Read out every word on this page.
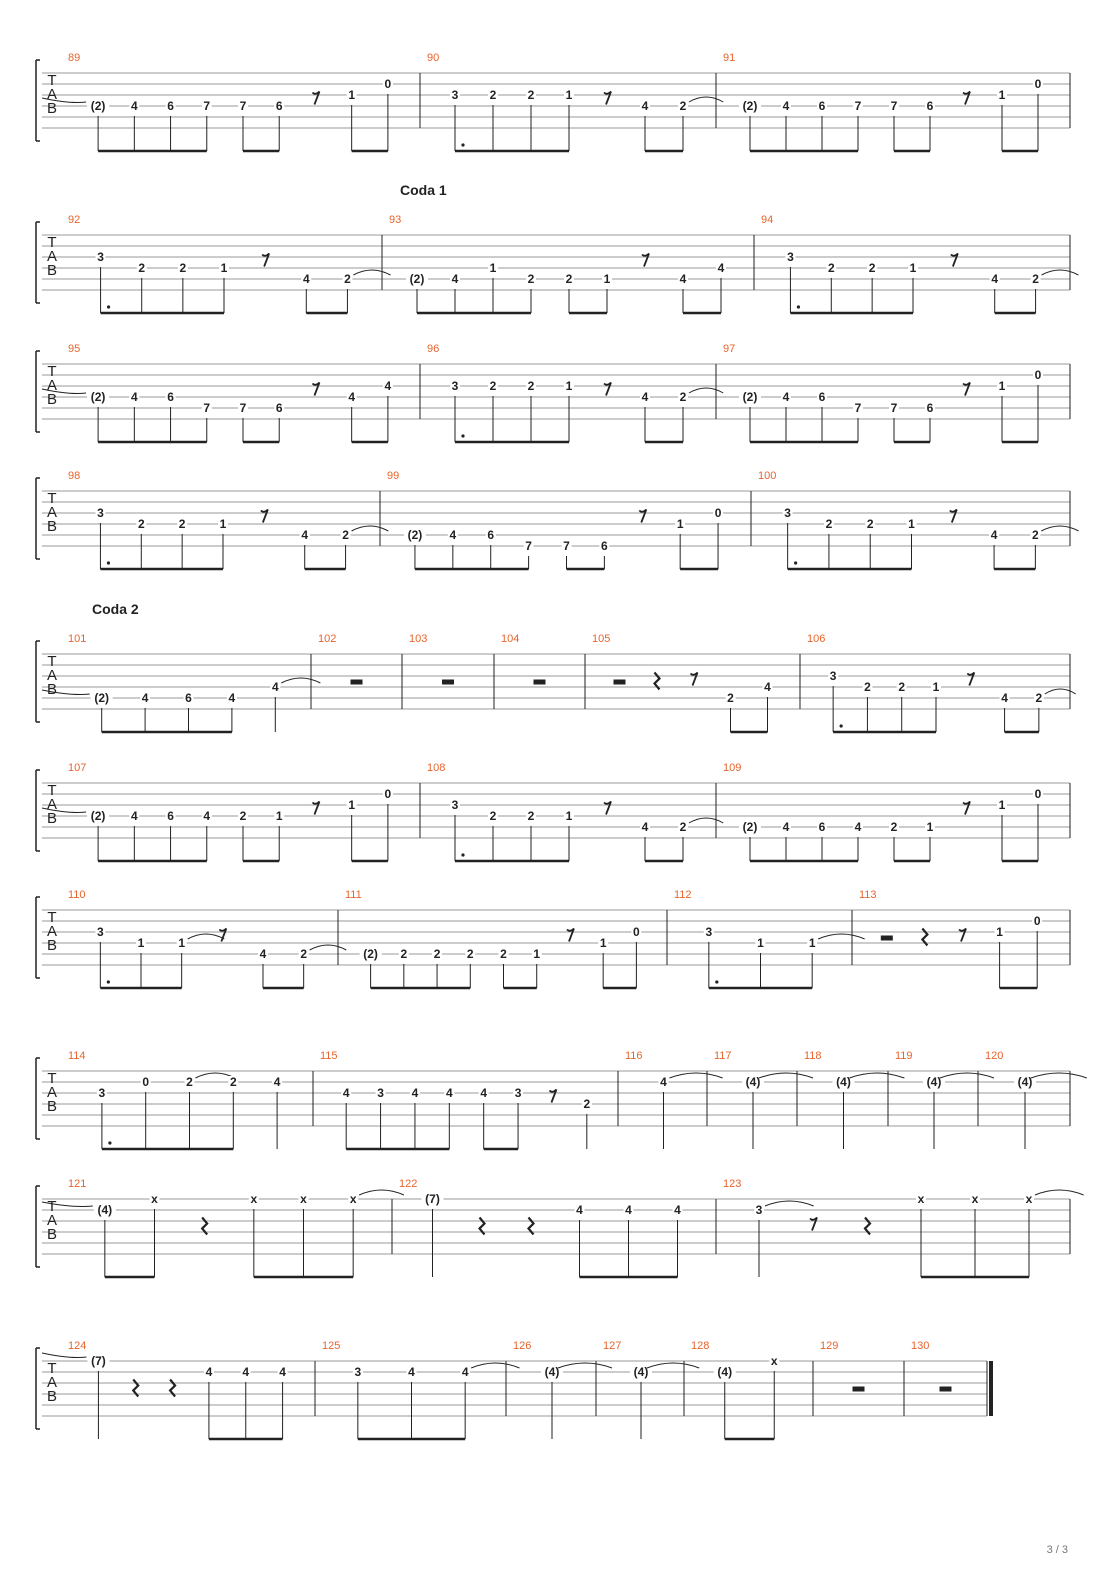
T
A
B
89
(2) 4 6 7 7 6
1
0
90
3	2	2	1
4	2
91
(2) 4 6 7 7 6
1
0
T
A
B
92
3
2	2	1
4	2
93
(2) 4
1
2	2	1	4
4
94
3
2	2	1
4	2
T
A
B
95
(2) 4 6
7 7 6
4
4
96
3	2	2	1
4	2
97
(2) 4 6
7 7 6
1
0
T
A
B
98
3
2	2	1
4	2
99
(2) 4	6
7	7	6
1
0
100
3
2	2	1
4	2
T
A
B
101
(2)	4	6	4
4
102	103	104	105
2
4
106
3
2 2 1
4 2
T
A
B
107
(2) 4 6 4 2 1
1
0
108
3
2	2	1
4	2
109
(2) 4 6 4 2 1
1
0
T
A
B
110
3
1	1
4	2
111
(2) 2 2 2 2 1
1
0
112
3
1	1
113
1
0
T
A
B
114
3
0	2	2	4
115
4 3 4 4 4 3
2
116
4
117
(4)
118
(4)
119
(4)
120
(4)
T
A
B
121
(4)
x	x	x	x
122
(7)
4	4	4
123
3
x	x	x
T
A
B
124
(7)
4	4	4
125
3	4	4
126
(4)
127
(4)
128
(4)
x
129	130
Coda 1
Coda 2
3 / 3
